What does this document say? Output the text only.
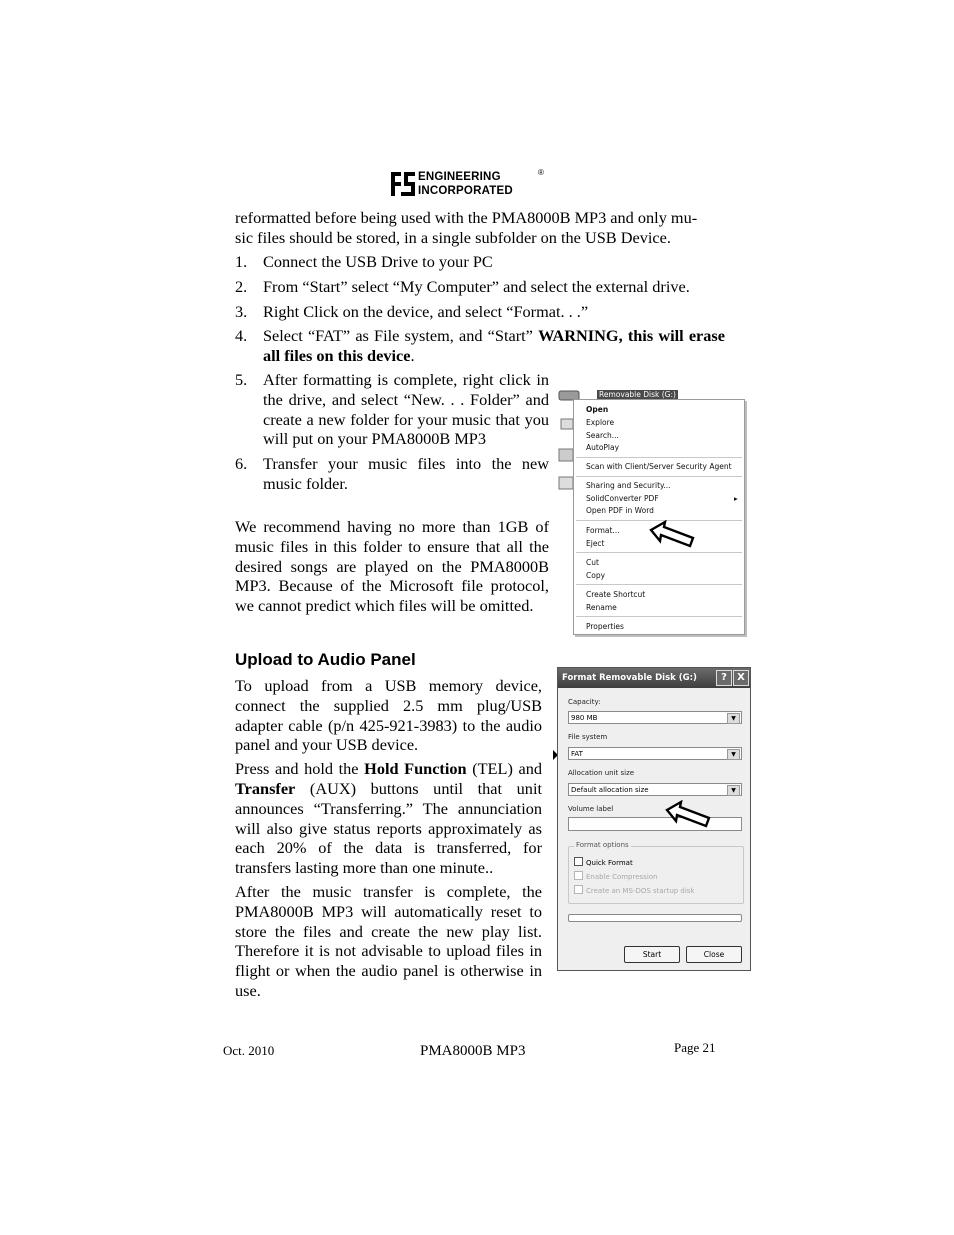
ENGINEERING
INCORPORATED
®
reformatted before being used with the PMA8000B MP3 and only mu-
sic files should be stored, in a single subfolder on the USB Device.
1. Connect the USB Drive to your PC
2. From “Start” select “My Computer” and select the external drive.
3. Right Click on the device, and select “Format. . .”
4. Select “FAT” as File system, and “Start” WARNING, this will erase all files on this device.
5. After formatting is complete, right click in the drive, and select “New. . . Folder” and create a new folder for your music that you will put on your PMA8000B MP3
6. Transfer your music files into the new music folder.

We recommend having no more than 1GB of music files in this folder to ensure that all the desired songs are played on the PMA8000B MP3. Because of the Microsoft file protocol, we cannot predict which files will be omitted.

Removable Disk (G:)
Open
Explore
Search...
AutoPlay
Scan with Client/Server Security Agent
Sharing and Security...
SolidConverter PDF	▸
Open PDF in Word
Format...
Eject
Cut
Copy
Create Shortcut
Rename
Properties
Upload to Audio Panel

To upload from a USB memory device, connect the supplied 2.5 mm plug/USB adapter cable (p/n 425-921-3983) to the audio panel and your USB device.

Press and hold the Hold Function (TEL) and Transfer (AUX) buttons until that unit announces “Transferring.” The annunciation will also give status reports approximately as each 20% of the data is transferred, for transfers lasting more than one minute..

After the music transfer is complete, the PMA8000B MP3 will automatically reset to store the files and create the new play list. Therefore it is not advisable to upload files in flight or when the audio panel is otherwise in use.

Format Removable Disk (G:)	?	X
Capacity:
980 MB	▼
File system
FAT	▼
Allocation unit size
Default allocation size	▼
Volume label
Format options
Quick Format
Enable Compression
Create an MS-DOS startup disk
Start	Close
Oct. 2010	PMA8000B MP3	Page 21
